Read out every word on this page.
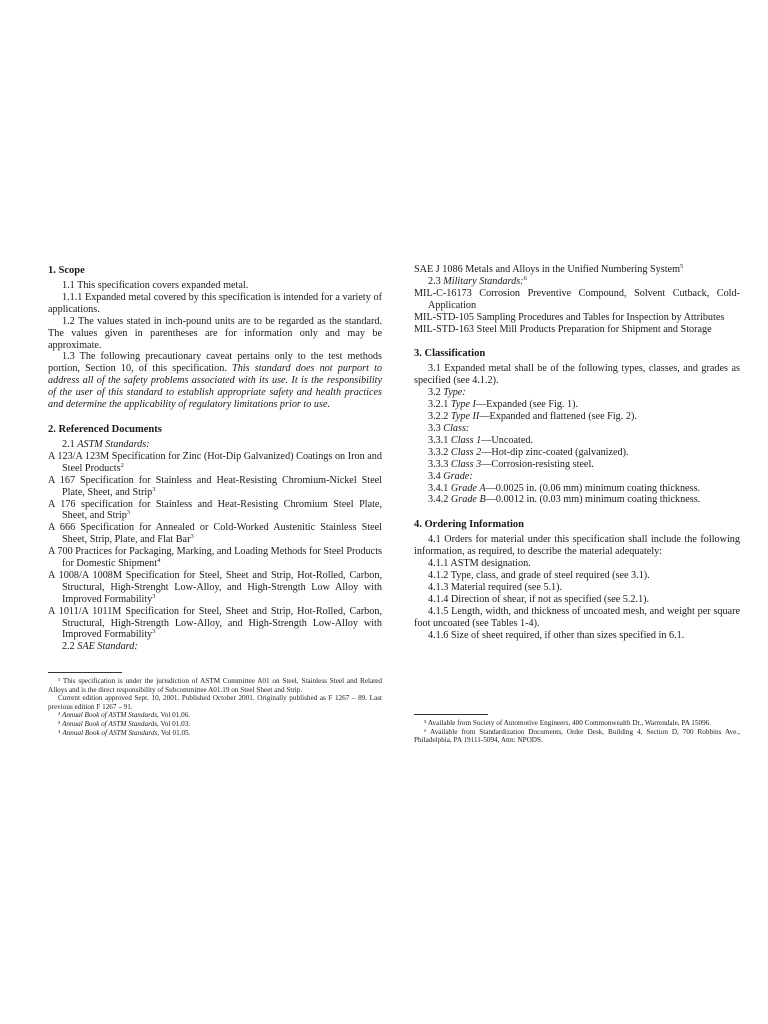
1. Scope

1.1 This specification covers expanded metal.

1.1.1 Expanded metal covered by this specification is intended for a variety of applications.

1.2 The values stated in inch-pound units are to be regarded as the standard. The values given in parentheses are for information only and may be approximate.

1.3 The following precautionary caveat pertains only to the test methods portion, Section 10, of this specification. This standard does not purport to address all of the safety problems associated with its use. It is the responsibility of the user of this standard to establish appropriate safety and health practices and determine the applicability of regulatory limitations prior to use.

2. Referenced Documents

2.1 ASTM Standards:

A 123/A 123M Specification for Zinc (Hot-Dip Galvanized) Coatings on Iron and Steel Products$^2$

A 167 Specification for Stainless and Heat-Resisting Chromium-Nickel Steel Plate, Sheet, and Strip$^3$

A 176 specification for Stainless and Heat-Resisting Chromium Steel Plate, Sheet, and Strip$^3$

A 666 Specification for Annealed or Cold-Worked Austenitic Stainless Steel Sheet, Strip, Plate, and Flat Bar$^3$

A 700 Practices for Packaging, Marking, and Loading Methods for Steel Products for Domestic Shipment$^4$

A 1008/A 1008M Specification for Steel, Sheet and Strip, Hot-Rolled, Carbon, Structural, High-Strenght Low-Alloy, and High-Strength Low Alloy with Improved Formability$^3$

A 1011/A 1011M Specification for Steel, Sheet and Strip, Hot-Rolled, Carbon, Structural, High-Strength Low-Alloy, and High-Strength Low-Alloy with Improved Formability$^3$

2.2 SAE Standard:

¹ This specification is under the jurisdiction of ASTM Committee A01 on Steel, Stainless Steel and Related Alloys and is the direct responsibility of Subcommittee A01.19 on Steel Sheet and Strip.

Current edition approved Sept. 10, 2001. Published October 2001. Originally published as F 1267 – 89. Last previous edition F 1267 – 91.

² Annual Book of ASTM Standards, Vol 01.06.

³ Annual Book of ASTM Standards, Vol 01.03.

⁴ Annual Book of ASTM Standards, Vol 01.05.

SAE J 1086 Metals and Alloys in the Unified Numbering System$^5$

2.3 Military Standards:$^6$

MIL-C-16173 Corrosion Preventive Compound, Solvent Cutback, Cold-Application

MIL-STD-105 Sampling Procedures and Tables for Inspection by Attributes

MIL-STD-163 Steel Mill Products Preparation for Shipment and Storage

3. Classification

3.1 Expanded metal shall be of the following types, classes, and grades as specified (see 4.1.2).

3.2 Type:

3.2.1 Type I—Expanded (see Fig. 1).

3.2.2 Type II—Expanded and flattened (see Fig. 2).

3.3 Class:

3.3.1 Class 1—Uncoated.

3.3.2 Class 2—Hot-dip zinc-coated (galvanized).

3.3.3 Class 3—Corrosion-resisting steel.

3.4 Grade:

3.4.1 Grade A—0.0025 in. (0.06 mm) minimum coating thickness.

3.4.2 Grade B—0.0012 in. (0.03 mm) minimum coating thickness.

4. Ordering Information

4.1 Orders for material under this specification shall include the following information, as required, to describe the material adequately:

4.1.1 ASTM designation.

4.1.2 Type, class, and grade of steel required (see 3.1).

4.1.3 Material required (see 5.1).

4.1.4 Direction of shear, if not as specified (see 5.2.1).

4.1.5 Length, width, and thickness of uncoated mesh, and weight per square foot uncoated (see Tables 1-4).

4.1.6 Size of sheet required, if other than sizes specified in 6.1.

⁵ Available from Society of Automotive Engineers, 400 Commonwealth Dr., Warrendale, PA 15096.

⁶ Available from Standardization Documents, Order Desk, Building 4, Section D, 700 Robbins Ave., Philadelphia, PA 19111-5094, Attn: NPODS.
